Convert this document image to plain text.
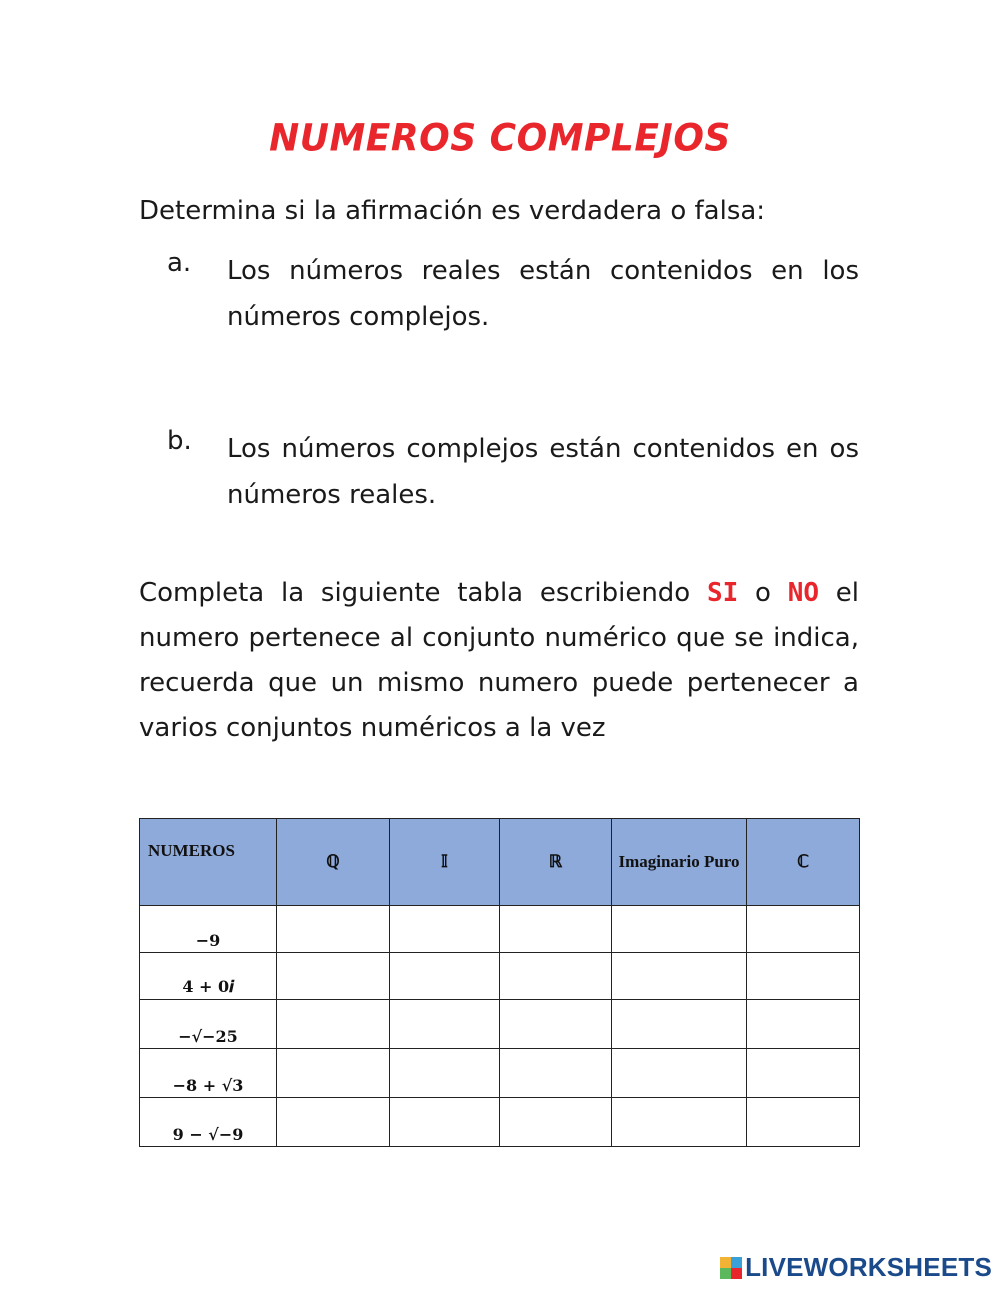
NUMEROS COMPLEJOS
Determina si la afirmación es verdadera o falsa:
a. Los números reales están contenidos en los números complejos.
b. Los números complejos están contenidos en os números reales.
Completa la siguiente tabla escribiendo SI o NO el numero pertenece al conjunto numérico que se indica, recuerda que un mismo numero puede pertenecer a varios conjuntos numéricos a la vez
NUMEROS	ℚ	𝕀	ℝ	Imaginario Puro	ℂ
−9					
4 + 0𝒊					
−√−25					
−8 + √3					
9 − √−9					
LIVEWORKSHEETS
